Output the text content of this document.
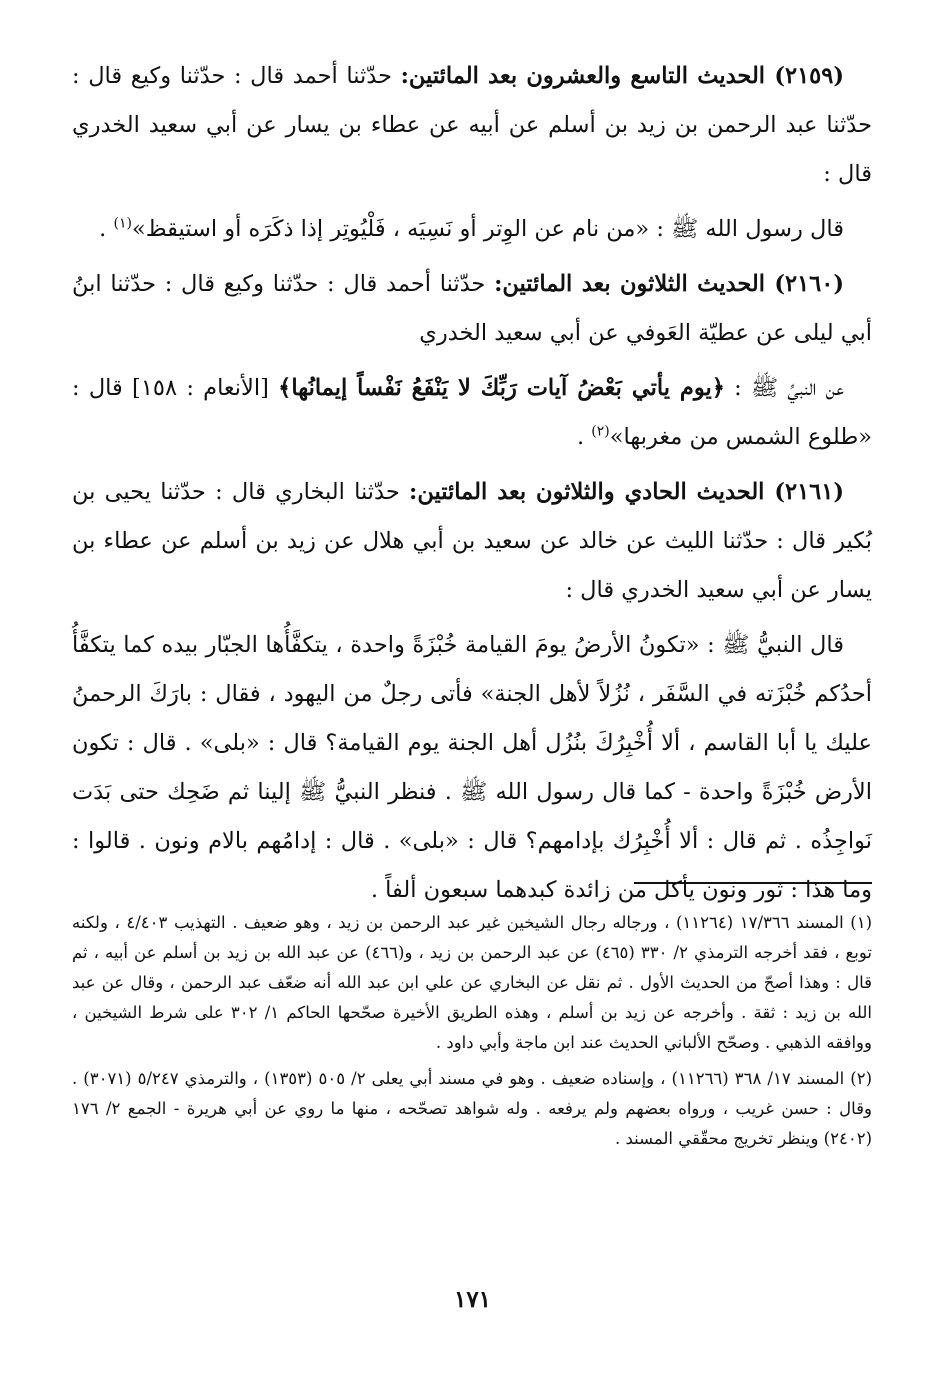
(٢١٥٩) الحديث التاسع والعشرون بعد المائتين: حدّثنا أحمد قال : حدّثنا وكيع قال : حدّثنا عبد الرحمن بن زيد بن أسلم عن أبيه عن عطاء بن يسار عن أبي سعيد الخدري قال :

قال رسول الله ﷺ : «من نام عن الوِتر أو نَسِيَه ، فَلْيُوتِر إذا ذكَرَه أو استيقظ»$^{(١)}$ .

(٢١٦٠) الحديث الثلاثون بعد المائتين: حدّثنا أحمد قال : حدّثنا وكيع قال : حدّثنا ابنُ أبي ليلى عن عطيّة العَوفي عن أبي سعيد الخدري

عن النبيِّ ﷺ : ﴿يوم يأتي بَعْضُ آيات رَبِّكَ لا يَنْفَعُ نَفْساً إيمانُها﴾ [الأنعام : ١٥٨] قال : «طلوع الشمس من مغربها»$^{(٢)}$ .

(٢١٦١) الحديث الحادي والثلاثون بعد المائتين: حدّثنا البخاري قال : حدّثنا يحيى بن بُكير قال : حدّثنا الليث عن خالد عن سعيد بن أبي هلال عن زيد بن أسلم عن عطاء بن يسار عن أبي سعيد الخدري قال :

قال النبيُّ ﷺ : «تكونُ الأرضُ يومَ القيامة خُبْزَةً واحدة ، يتكفَّأُها الجبّار بيده كما يتكفَّأُ أحدُكم خُبْزَته في السَّفَر ، نُزُلاً لأهل الجنة» فأتى رجلٌ من اليهود ، فقال : بارَكَ الرحمنُ عليك يا أبا القاسم ، ألا أُخْبِرُكَ بنُزُل أهل الجنة يوم القيامة؟ قال : «بلى» . قال : تكون الأرض خُبْزَةً واحدة - كما قال رسول الله ﷺ . فنظر النبيُّ ﷺ إلينا ثم ضَحِك حتى بَدَت نَواجِذُه . ثم قال : ألا أُخْبِرُك بإدامهم؟ قال : «بلى» . قال : إدامُهم بالام ونون . قالوا : وما هذا : ثور ونون يأكل من زائدة كبدهما سبعون ألفاً .

(١) المسند ١٧/٣٦٦ (١١٢٦٤) ، ورجاله رجال الشيخين غير عبد الرحمن بن زيد ، وهو ضعيف . التهذيب ٤/٤٠٣ ، ولكنه توبع ، فقد أخرجه الترمذي ٢/ ٣٣٠ (٤٦٥) عن عبد الرحمن بن زيد ، و(٤٦٦) عن عبد الله بن زيد بن أسلم عن أبيه ، ثم قال : وهذا أصحّ من الحديث الأول . ثم نقل عن البخاري عن علي ابن عبد الله أنه ضعّف عبد الرحمن ، وقال عن عبد الله بن زيد : ثقة . وأخرجه عن زيد بن أسلم ، وهذه الطريق الأخيرة صحّحها الحاكم ١/ ٣٠٢ على شرط الشيخين ، ووافقه الذهبي . وصحّح الألباني الحديث عند ابن ماجة وأبي داود .

(٢) المسند ١٧/ ٣٦٨ (١١٢٦٦) ، وإسناده ضعيف . وهو في مسند أبي يعلى ٢/ ٥٠٥ (١٣٥٣) ، والترمذي ٥/٢٤٧ (٣٠٧١) . وقال : حسن غريب ، ورواه بعضهم ولم يرفعه . وله شواهد تصحّحه ، منها ما روي عن أبي هريرة - الجمع ٢/ ١٧٦ (٢٤٠٢) وينظر تخريج محقّقي المسند .

١٧١
